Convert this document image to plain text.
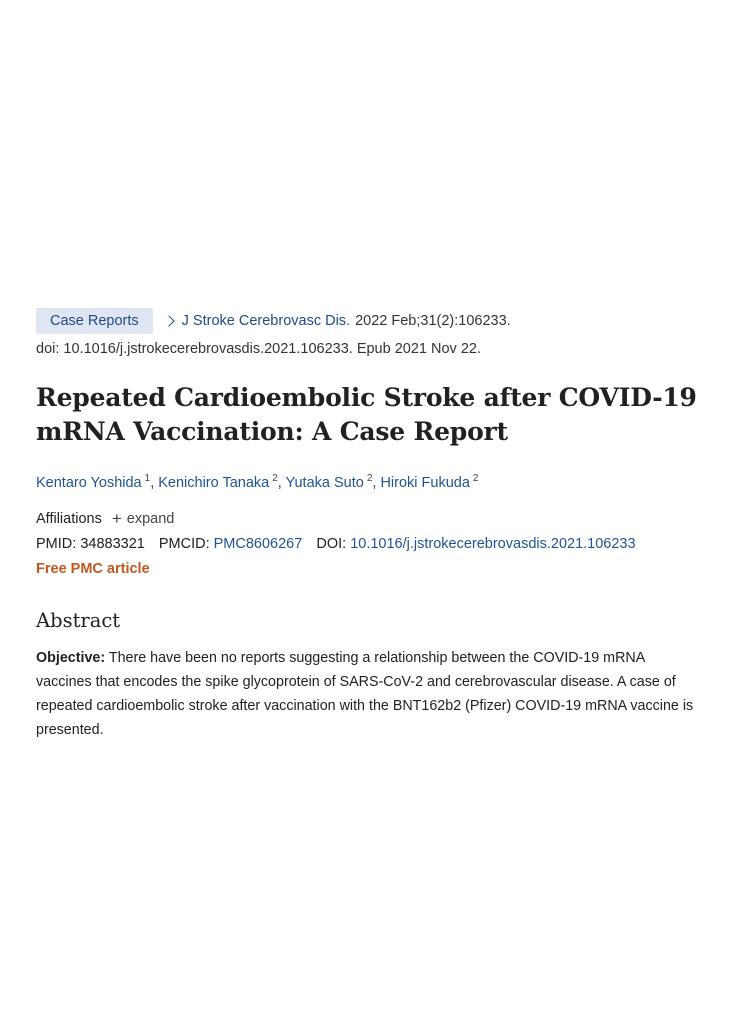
Case Reports	J Stroke Cerebrovasc Dis. 2022 Feb;31(2):106233.
doi: 10.1016/j.jstrokecerebrovasdis.2021.106233. Epub 2021 Nov 22.
Repeated Cardioembolic Stroke after COVID-19
mRNA Vaccination: A Case Report
Kentaro Yoshida $^1$, Kenichiro Tanaka $^2$, Yutaka Suto $^2$, Hiroki Fukuda $^2$
Affiliations + expand
PMID: 34883321 PMCID: PMC8606267 DOI: 10.1016/j.jstrokecerebrovasdis.2021.106233
Free PMC article
Abstract
Objective: There have been no reports suggesting a relationship between the COVID-19 mRNA vaccines that encodes the spike glycoprotein of SARS-CoV-2 and cerebrovascular disease. A case of repeated cardioembolic stroke after vaccination with the BNT162b2 (Pfizer) COVID-19 mRNA vaccine is presented.
